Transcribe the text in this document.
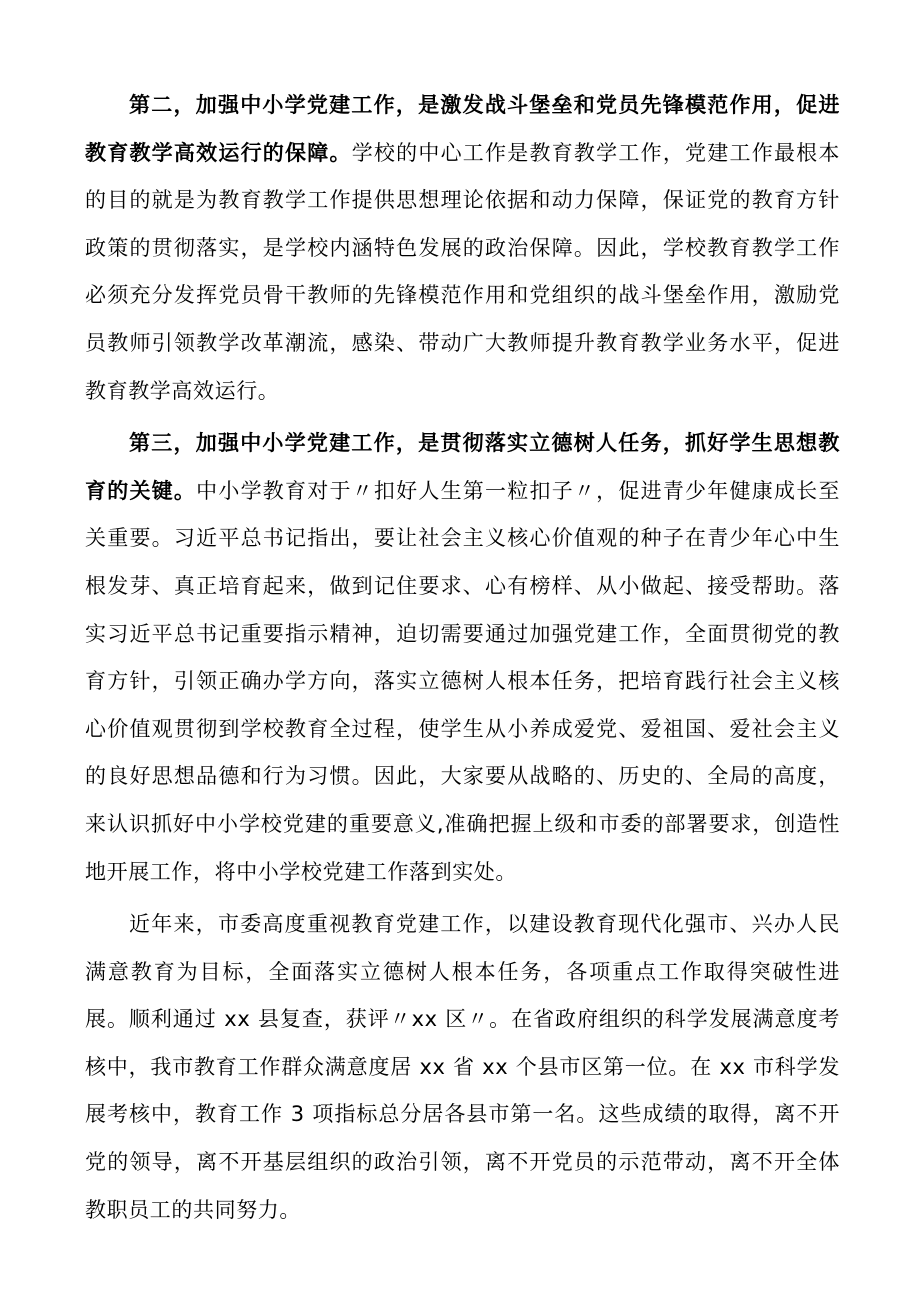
第二，加强中小学党建工作，是激发战斗堡垒和党员先锋模范作用，促进教育教学高效运行的保障。学校的中心工作是教育教学工作，党建工作最根本的目的就是为教育教学工作提供思想理论依据和动力保障，保证党的教育方针政策的贯彻落实，是学校内涵特色发展的政治保障。因此，学校教育教学工作必须充分发挥党员骨干教师的先锋模范作用和党组织的战斗堡垒作用，激励党员教师引领教学改革潮流，感染、带动广大教师提升教育教学业务水平，促进教育教学高效运行。

第三，加强中小学党建工作，是贯彻落实立德树人任务，抓好学生思想教育的关键。中小学教育对于〃扣好人生第一粒扣子〃，促进青少年健康成长至关重要。习近平总书记指出，要让社会主义核心价值观的种子在青少年心中生根发芽、真正培育起来，做到记住要求、心有榜样、从小做起、接受帮助。落实习近平总书记重要指示精神，迫切需要通过加强党建工作，全面贯彻党的教育方针，引领正确办学方向，落实立德树人根本任务，把培育践行社会主义核心价值观贯彻到学校教育全过程，使学生从小养成爱党、爱祖国、爱社会主义的良好思想品德和行为习惯。因此，大家要从战略的、历史的、全局的高度，来认识抓好中小学校党建的重要意义,准确把握上级和市委的部署要求，创造性地开展工作，将中小学校党建工作落到实处。

近年来，市委高度重视教育党建工作，以建设教育现代化强市、兴办人民满意教育为目标，全面落实立德树人根本任务，各项重点工作取得突破性进展。顺利通过 xx 县复查，获评〃xx 区〃。在省政府组织的科学发展满意度考核中，我市教育工作群众满意度居 xx 省 xx 个县市区第一位。在 xx 市科学发展考核中，教育工作 3 项指标总分居各县市第一名。这些成绩的取得，离不开党的领导，离不开基层组织的政治引领，离不开党员的示范带动，离不开全体教职员工的共同努力。
